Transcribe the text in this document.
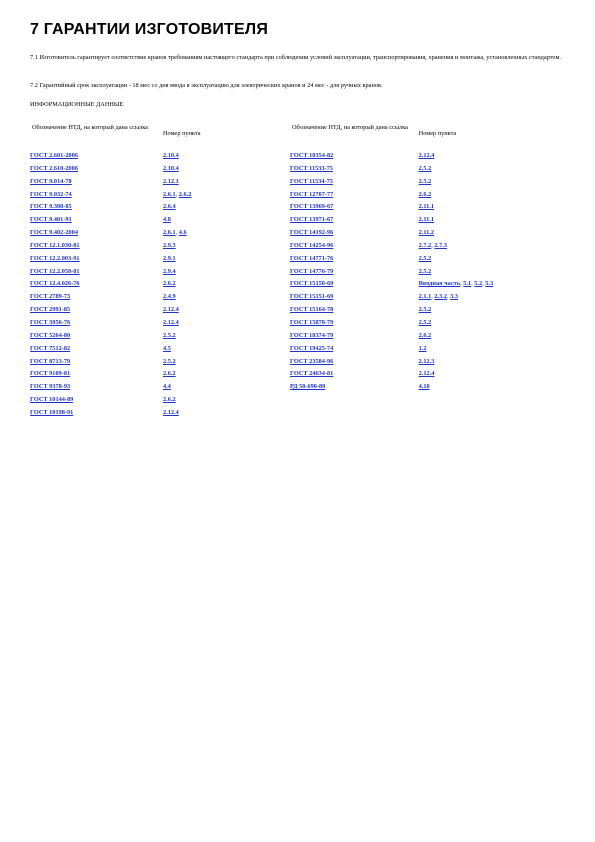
7 ГАРАНТИИ ИЗГОТОВИТЕЛЯ

7.1 Изготовитель гарантирует соответствие кранов требованиям настоящего стандарта при соблюдении условий эксплуатации, транспортирования, хранения и монтажа, установленных стандартом.

7.2 Гарантийный срок эксплуатации - 18 мес со дня ввода в эксплуатацию для электрических кранов и 24 мес - для ручных кранов.

ИНФОРМАЦИОННЫЕ ДАННЫЕ
Обозначение НТД, на который дана ссылка	Номер пункта
ГОСТ 2.601-2006	2.10.4
ГОСТ 2.610-2006	2.10.4
ГОСТ 9.014-78	2.12.1
ГОСТ 9.032-74	2.6.1, 2.6.2
ГОСТ 9.308-85	2.6.4
ГОСТ 9.401-91	4.8
ГОСТ 9.402-2004	2.6.1, 4.6
ГОСТ 12.1.030-81	2.9.3
ГОСТ 12.2.003-91	2.9.1
ГОСТ 12.2.058-81	2.9.4
ГОСТ 12.4.026-76	2.6.2
ГОСТ 2789-73	2.4.9
ГОСТ 2991-85	2.12.4
ГОСТ 3956-76	2.12.4
ГОСТ 5264-80	2.5.2
ГОСТ 7512-82	4.5
ГОСТ 8713-79	2.5.2
ГОСТ 9109-81	2.6.2
ГОСТ 9378-93	4.4
ГОСТ 10144-89	2.6.2
ГОСТ 10198-91	2.12.4
Обозначение НТД, на который дана ссылка	Номер пункта
ГОСТ 10354-82	2.12.4
ГОСТ 11533-75	2.5.2
ГОСТ 11534-75	2.5.2
ГОСТ 12707-77	2.6.2
ГОСТ 13969-67	2.11.1
ГОСТ 13971-67	2.11.1
ГОСТ 14192-96	2.11.2
ГОСТ 14254-96	2.7.2, 2.7.3
ГОСТ 14771-76	2.5.2
ГОСТ 14776-79	2.5.2
ГОСТ 15150-69	Вводная часть, 5.1, 5.2, 5.3
ГОСТ 15151-69	2.1.1, 2.3.2, 3.3
ГОСТ 15164-78	2.5.2
ГОСТ 15878-79	2.5.2
ГОСТ 18374-79	2.6.2
ГОСТ 19425-74	1.2
ГОСТ 23584-96	2.12.3
ГОСТ 24634-81	2.12.4
РД 50-690-89	4.10
